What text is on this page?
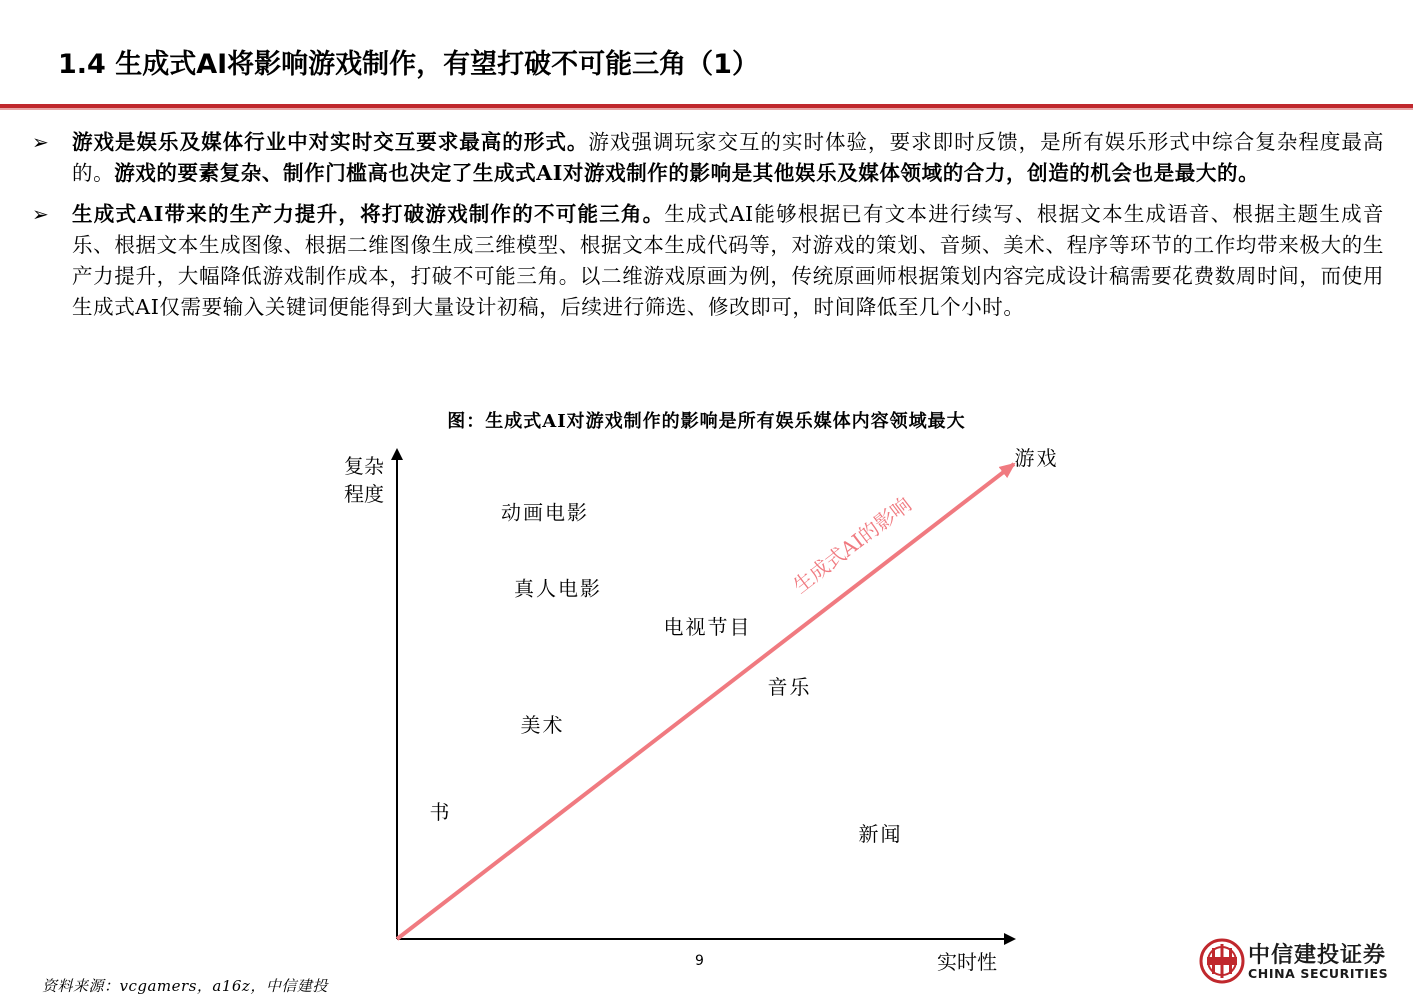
1.4 生成式AI将影响游戏制作，有望打破不可能三角（1）
➢ 游戏是娱乐及媒体行业中对实时交互要求最高的形式。游戏强调玩家交互的实时体验，要求即时反馈，是所有娱乐形式中综合复杂程度最高的。游戏的要素复杂、制作门槛高也决定了生成式AI对游戏制作的影响是其他娱乐及媒体领域的合力，创造的机会也是最大的。

➢ 生成式AI带来的生产力提升，将打破游戏制作的不可能三角。生成式AI能够根据已有文本进行续写、根据文本生成语音、根据主题生成音乐、根据文本生成图像、根据二维图像生成三维模型、根据文本生成代码等，对游戏的策划、音频、美术、程序等环节的工作均带来极大的生产力提升，大幅降低游戏制作成本，打破不可能三角。以二维游戏原画为例，传统原画师根据策划内容完成设计稿需要花费数周时间，而使用生成式AI仅需要输入关键词便能得到大量设计初稿，后续进行筛选、修改即可，时间降低至几个小时。

图：生成式AI对游戏制作的影响是所有娱乐媒体内容领域最大
生成式AI的影响
复杂
程度
实时性
游戏
动画电影
真人电影
电视节目
音乐
美术
书
新闻
9
资料来源：vcgamers，a16z，中信建投
中信建投证券
CHINA SECURITIES
